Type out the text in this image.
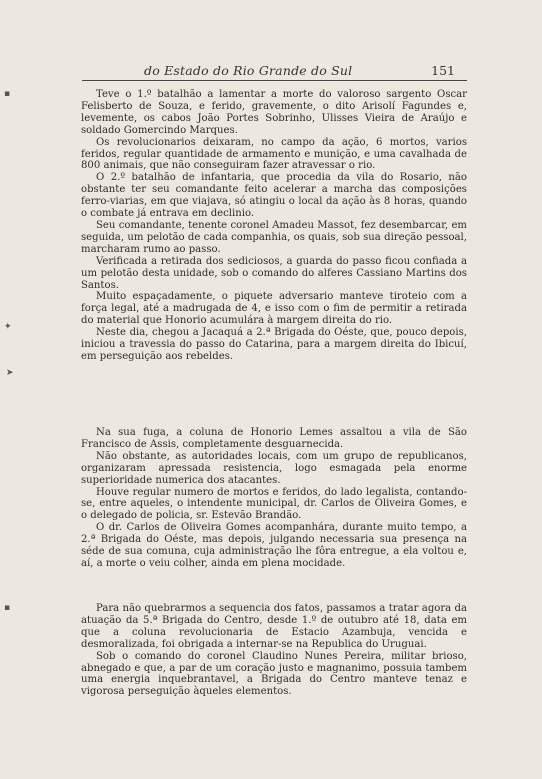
do Estado do Rio Grande do Sul	151

Teve o 1.º batalhão a lamentar a morte do valoroso sargento Oscar Felisberto de Souza, e ferido, gravemente, o dito Arisolí Fagundes e, levemente, os cabos João Portes Sobrinho, Ulisses Vieira de Araújo e soldado Gomercindo Marques.

Os revolucionarios deixaram, no campo da ação, 6 mortos, varios feridos, regular quantidade de armamento e munição, e uma cavalhada de 800 animais, que não conseguiram fazer atravessar o rio.

O 2.º batalhão de infantaria, que procedia da vila do Rosario, não obstante ter seu comandante feito acelerar a marcha das composições ferro-viarias, em que viajava, só atingiu o local da ação às 8 horas, quando o combate já entrava em declinio.

Seu comandante, tenente coronel Amadeu Massot, fez desembarcar, em seguida, um pelotão de cada companhia, os quais, sob sua direção pessoal, marcharam rumo ao passo.

Verificada a retirada dos sediciosos, a guarda do passo ficou confiada a um pelotão desta unidade, sob o comando do alferes Cassiano Martins dos Santos.

Muito espaçadamente, o piquete adversario manteve tiroteio com a força legal, até a madrugada de 4, e isso com o fim de permitir a retirada do material que Honorio acumulára à margem direita do rio.

Neste dia, chegou a Jacaquá a 2.ª Brigada do Oéste, que, pouco depois, iniciou a travessia do passo do Catarina, para a margem direita do Ibicuí, em perseguição aos rebeldes.

Na sua fuga, a coluna de Honorio Lemes assaltou a vila de São Francisco de Assis, completamente desguarnecida.

Não obstante, as autoridades locais, com um grupo de republicanos, organizaram apressada resistencia, logo esmagada pela enorme superioridade numerica dos atacantes.

Houve regular numero de mortos e feridos, do lado legalista, contando-se, entre aqueles, o intendente municipal, dr. Carlos de Oliveira Gomes, e o delegado de policia, sr. Estevão Brandão.

O dr. Carlos de Oliveira Gomes acompanhára, durante muito tempo, a 2.ª Brigada do Oéste, mas depois, julgando necessaria sua presença na séde de sua comuna, cuja administração lhe fôra entregue, a ela voltou e, aí, a morte o veiu colher, ainda em plena mocidade.

Para não quebrarmos a sequencia dos fatos, passamos a tratar agora da atuação da 5.ª Brigada do Centro, desde 1.º de outubro até 18, data em que a coluna revolucionaria de Estacio Azambuja, vencida e desmoralizada, foi obrigada a internar-se na Republica do Uruguai.

Sob o comando do coronel Claudino Nunes Pereira, militar brioso, abnegado e que, a par de um coração justo e magnanimo, possuia tambem uma energia inquebrantavel, a Brigada do Centro manteve tenaz e vigorosa perseguição àqueles elementos.

▪
✦
➤
▪
